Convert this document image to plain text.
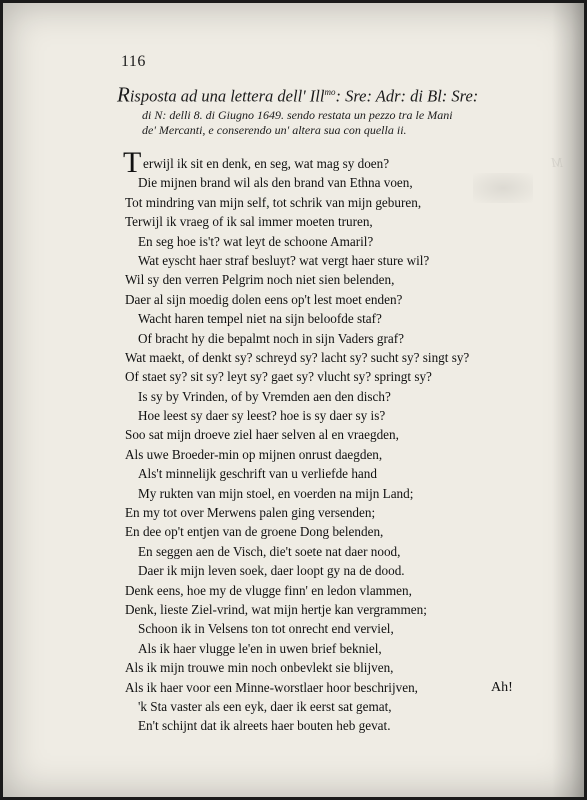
116
Risposta ad una lettera dell' Ill$^{mo}$: Sre: Adr: di Bl: Sre:
di N: delli 8. di Giugno 1649. sendo restata un pezzo tra le Mani
de' Mercanti, e conserendo un' altera sua con quella ii.
T erwijl ik sit en denk, en seg, wat mag sy doen?
Die mijnen brand wil als den brand van Ethna voen,
Tot mindring van mijn self, tot schrik van mijn geburen,
Terwijl ik vraeg of ik sal immer moeten truren,
En seg hoe is't? wat leyt de schoone Amaril?
Wat eyscht haer straf besluyt? wat vergt haer sture wil?
Wil sy den verren Pelgrim noch niet sien belenden,
Daer al sijn moedig dolen eens op't lest moet enden?
Wacht haren tempel niet na sijn beloofde staf?
Of bracht hy die bepalmt noch in sijn Vaders graf?
Wat maekt, of denkt sy? schreyd sy? lacht sy? sucht sy? singt sy?
Of staet sy? sit sy? leyt sy? gaet sy? vlucht sy? springt sy?
Is sy by Vrinden, of by Vremden aen den disch?
Hoe leest sy daer sy leest? hoe is sy daer sy is?
Soo sat mijn droeve ziel haer selven al en vraegden,
Als uwe Broeder-min op mijnen onrust daegden,
Als't minnelijk geschrift van u verliefde hand
My rukten van mijn stoel, en voerden na mijn Land;
En my tot over Merwens palen ging versenden;
En dee op't entjen van de groene Dong belenden,
En seggen aen de Visch, die't soete nat daer nood,
Daer ik mijn leven soek, daer loopt gy na de dood.
Denk eens, hoe my de vlugge finn' en ledon vlammen,
Denk, lieste Ziel-vrind, wat mijn hertje kan vergrammen;
Schoon ik in Velsens ton tot onrecht end verviel,
Als ik haer vlugge le'en in uwen brief bekniel,
Als ik mijn trouwe min noch onbevlekt sie blijven,
Als ik haer voor een Minne-worstlaer hoor beschrijven,
'k Sta vaster als een eyk, daer ik eerst sat gemat,
En't schijnt dat ik alreets haer bouten heb gevat.
Ah!
